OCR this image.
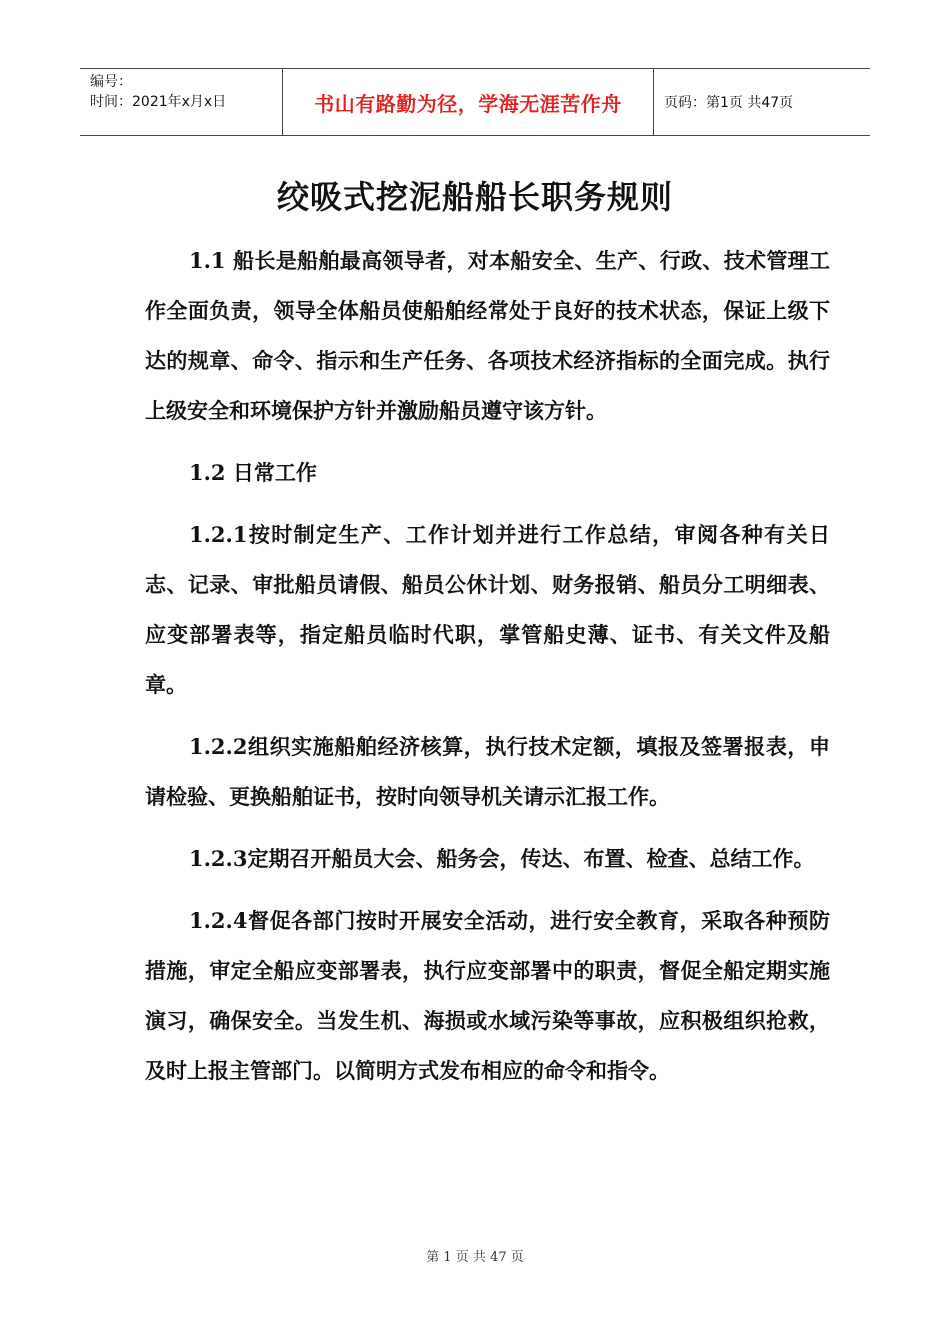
编号：
时间：2021年x月x日	书山有路勤为径，学海无涯苦作舟	页码：第1页 共47页
绞吸式挖泥船船长职务规则

1.1 船长是船舶最高领导者，对本船安全、生产、行政、技术管理工作全面负责，领导全体船员使船舶经常处于良好的技术状态，保证上级下达的规章、命令、指示和生产任务、各项技术经济指标的全面完成。执行上级安全和环境保护方针并激励船员遵守该方针。

1.2 日常工作

1.2.1按时制定生产、工作计划并进行工作总结，审阅各种有关日志、记录、审批船员请假、船员公休计划、财务报销、船员分工明细表、应变部署表等，指定船员临时代职，掌管船史薄、证书、有关文件及船章。

1.2.2组织实施船舶经济核算，执行技术定额，填报及签署报表，申请检验、更换船舶证书，按时向领导机关请示汇报工作。

1.2.3定期召开船员大会、船务会，传达、布置、检查、总结工作。

1.2.4督促各部门按时开展安全活动，进行安全教育，采取各种预防措施，审定全船应变部署表，执行应变部署中的职责，督促全船定期实施演习，确保安全。当发生机、海损或水域污染等事故，应积极组织抢救，及时上报主管部门。以简明方式发布相应的命令和指令。

第 1 页 共 47 页
